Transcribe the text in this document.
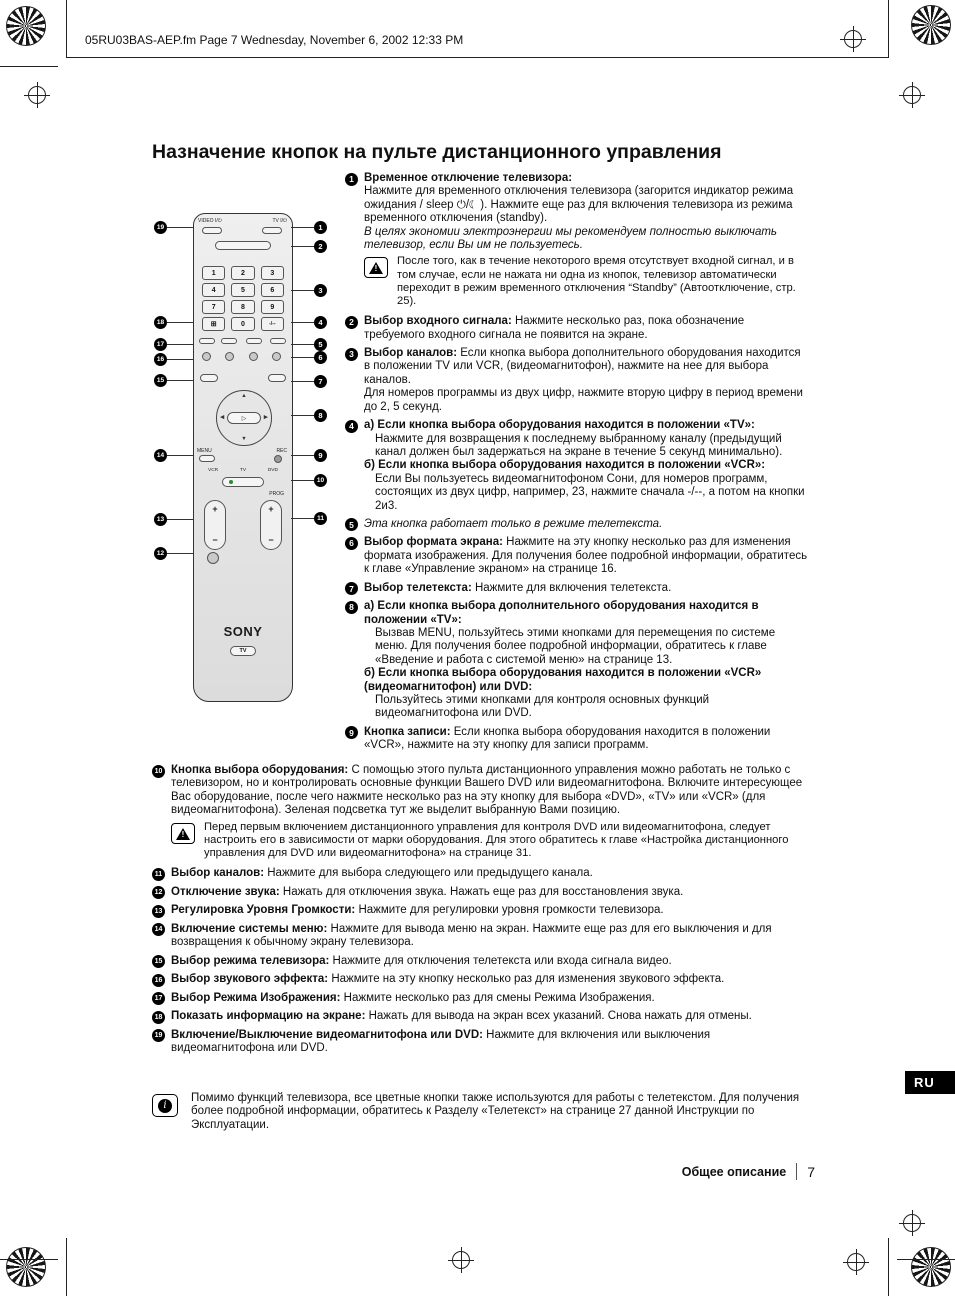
05RU03BAS-AEP.fm Page 7 Wednesday, November 6, 2002 12:33 PM
Назначение кнопок на пульте дистанционного управления
VIDEO I/⏻	TV I/⏻
1	2	3
4	5	6
7	8	9
⊞	0	-/--
▲
▼
◀	▶
▷
MENU	REC
VCR	TV	DVD
PROG
+
−
+
−
SONY
TV
19
18
17
16
15
14
13
12
1
2
3
4
5
6
7
8
9
10
11
1 Временное отключение телевизора:

Нажмите для временного отключения телевизора (загорится индикатор режима ожидания / sleep ⏻/☾ ). Нажмите еще раз для включения телевизора из режима временного отключения (standby).

В целях экономии электроэнергии мы рекомендуем полностью выключать телевизор, если Вы им не пользуетесь.

!

После того, как в течение некоторого время отсутствует входной сигнал, и в том случае, если не нажата ни одна из кнопок, телевизор автоматически переходит в режим временного отключения “Standby” (Автоотключение, стр. 25).

2 Выбор входного сигнала: Нажмите несколько раз, пока обозначение требуемого входного сигнала не появится на экране.

3 Выбор каналов: Если кнопка выбора дополнительного оборудования находится в положении TV или VCR, (видеомагнитофон), нажмите на нее для выбора каналов.

Для номеров программы из двух цифр, нажмите вторую цифру в период времени до 2, 5 секунд.

4 а) Если кнопка выбора оборудования находится в положении «TV»:

Нажмите для возвращения к последнему выбранному каналу (предыдущий канал должен был задержаться на экране в течение 5 секунд минимально).

б) Если кнопка выбора оборудования находится в положении «VCR»:

Если Вы пользуетесь видеомагнитофоном Сони, для номеров программ, состоящих из двух цифр, например, 23, нажмите сначала -/--, а потом на кнопки 2и3.

5 Эта кнопка работает только в режиме телетекста.

6 Выбор формата экрана: Нажмите на эту кнопку несколько раз для изменения формата изображения. Для получения более подробной информации, обратитесь к главе «Управление экраном» на странице 16.

7 Выбор телетекста: Нажмите для включения телетекста.

8 а) Если кнопка выбора дополнительного оборудования находится в положении «TV»:

Вызвав MENU, пользуйтесь этими кнопками для перемещения по системе меню. Для получения более подробной информации, обратитесь к главе «Введение и работа с системой меню» на странице 13.

б) Если кнопка выбора оборудования находится в положении «VCR» (видеомагнитофон) или DVD:

Пользуйтесь этими кнопками для контроля основных функций видеомагнитофона или DVD.

9 Кнопка записи: Если кнопка выбора оборудования находится в положении «VCR», нажмите на эту кнопку для записи программ.

10 Кнопка выбора оборудования: С помощью этого пульта дистанционного управления можно работать не только с телевизором, но и контролировать основные функции Вашего DVD или видеомагнитофона. Включите интересующее Вас оборудование, после чего нажмите несколько раз на эту кнопку для выбора «DVD», «TV» или «VCR» (для видеомагнитофона). Зеленая подсветка тут же выделит выбранную Вами позицию.

!

Перед первым включением дистанционного управления для контроля DVD или видеомагнитофона, следует настроить его в зависимости от марки оборудования. Для этого обратитесь к главе «Настройка дистанционного управления для DVD или видеомагнитофона» на странице 31.

11 Выбор каналов: Нажмите для выбора следующего или предыдущего канала.

12 Отключение звука: Нажать для отключения звука. Нажать еще раз для восстановления звука.

13 Регулировка Уровня Громкости: Нажмите для регулировки уровня громкости телевизора.

14 Включение системы меню: Нажмите для вывода меню на экран. Нажмите еще раз для его выключения и для возвращения к обычному экрану телевизора.

15 Выбор режима телевизора: Нажмите для отключения телетекста или входа сигнала видео.

16 Выбор звукового эффекта: Нажмите на эту кнопку несколько раз для изменения звукового эффекта.

17 Выбор Режима Изображения: Нажмите несколько раз для смены Режима Изображения.

18 Показать информацию на экране: Нажать для вывода на экран всех указаний. Снова нажать для отмены.

19 Включение/Выключение видеомагнитофона или DVD: Нажмите для включения или выключения видеомагнитофона или DVD.

i

Помимо функций телевизора, все цветные кнопки также используются для работы с телетекстом. Для получения более подробной информации, обратитесь к Разделу «Телетекст» на странице 27 данной Инструкции по Эксплуатации.

RU
Общее описание 7
